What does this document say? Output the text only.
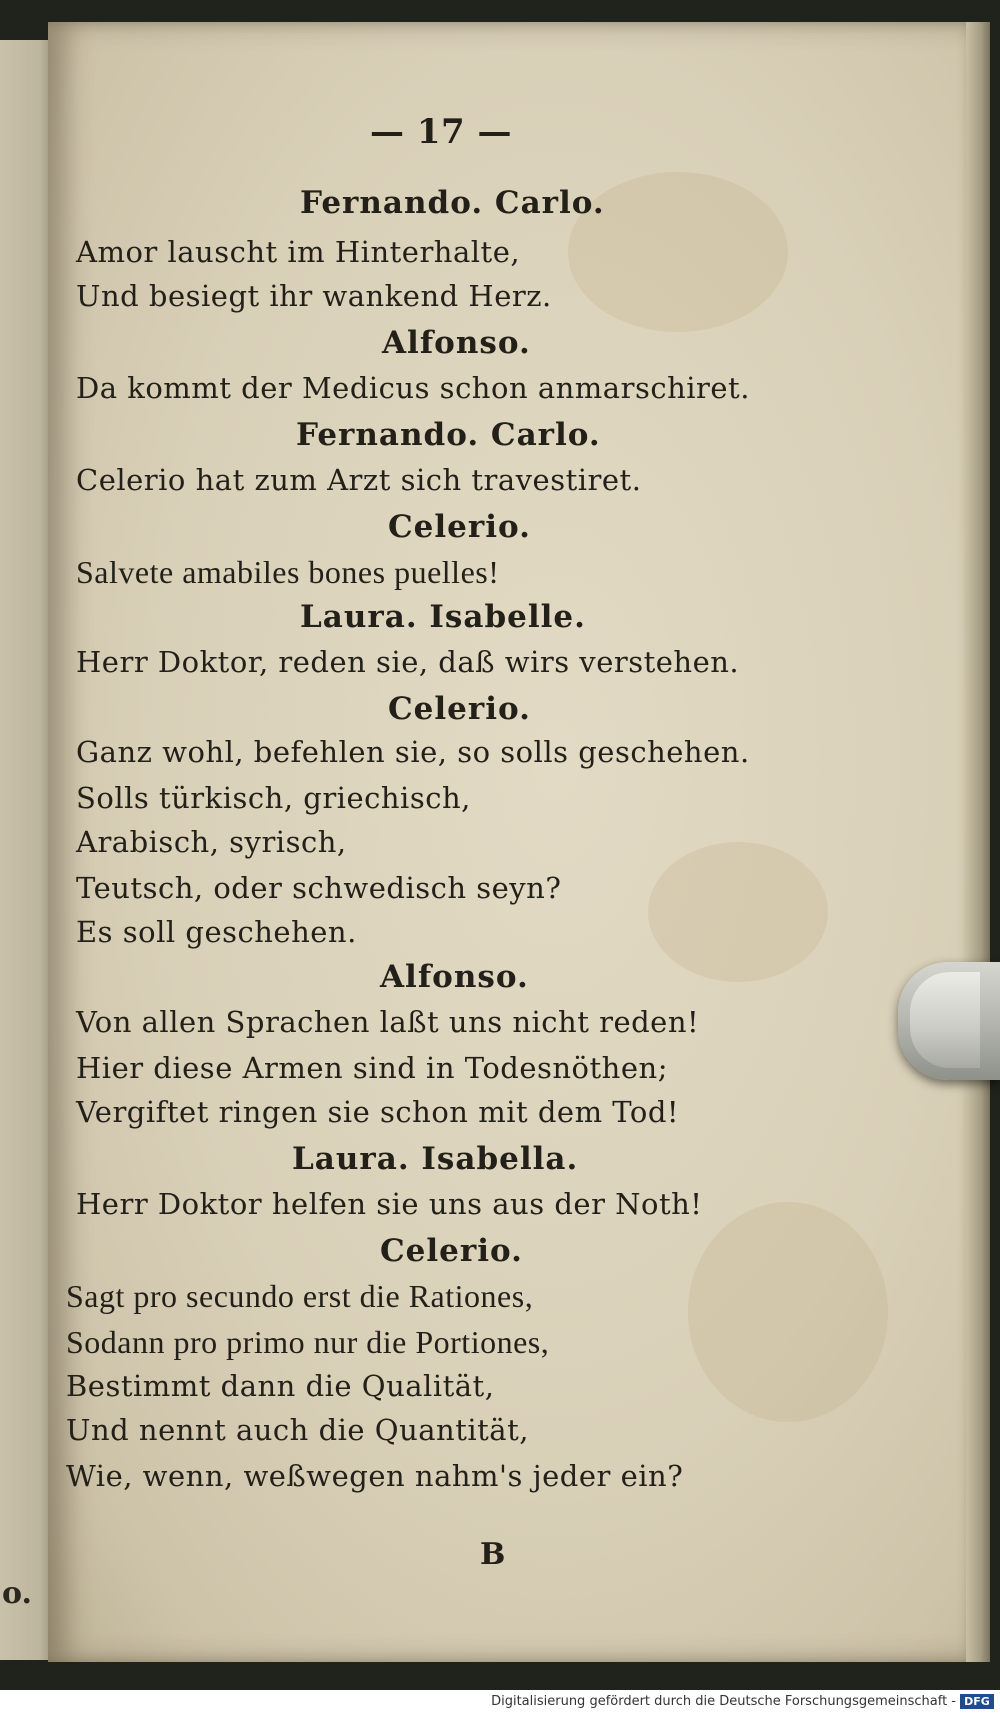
o.
— 17 —
Fernando. Carlo.
Amor lauscht im Hinterhalte,
Und besiegt ihr wankend Herz.
Alfonso.
Da kommt der Medicus schon anmarschiret.
Fernando. Carlo.
Celerio hat zum Arzt sich travestiret.
Celerio.
Salvete amabiles bones puelles!
Laura. Isabelle.
Herr Doktor, reden sie, daß wirs verstehen.
Celerio.
Ganz wohl, befehlen sie, so solls geschehen.
Solls türkisch, griechisch,
Arabisch, syrisch,
Teutsch, oder schwedisch seyn?
Es soll geschehen.
Alfonso.
Von allen Sprachen laßt uns nicht reden!
Hier diese Armen sind in Todesnöthen;
Vergiftet ringen sie schon mit dem Tod!
Laura. Isabella.
Herr Doktor helfen sie uns aus der Noth!
Celerio.
Sagt pro secundo erst die Rationes,
Sodann pro primo nur die Portiones,
Bestimmt dann die Qualität,
Und nennt auch die Quantität,
Wie, wenn, weßwegen nahm's jeder ein?
B
Digitalisierung gefördert durch die Deutsche Forschungsgemeinschaft - DFG
